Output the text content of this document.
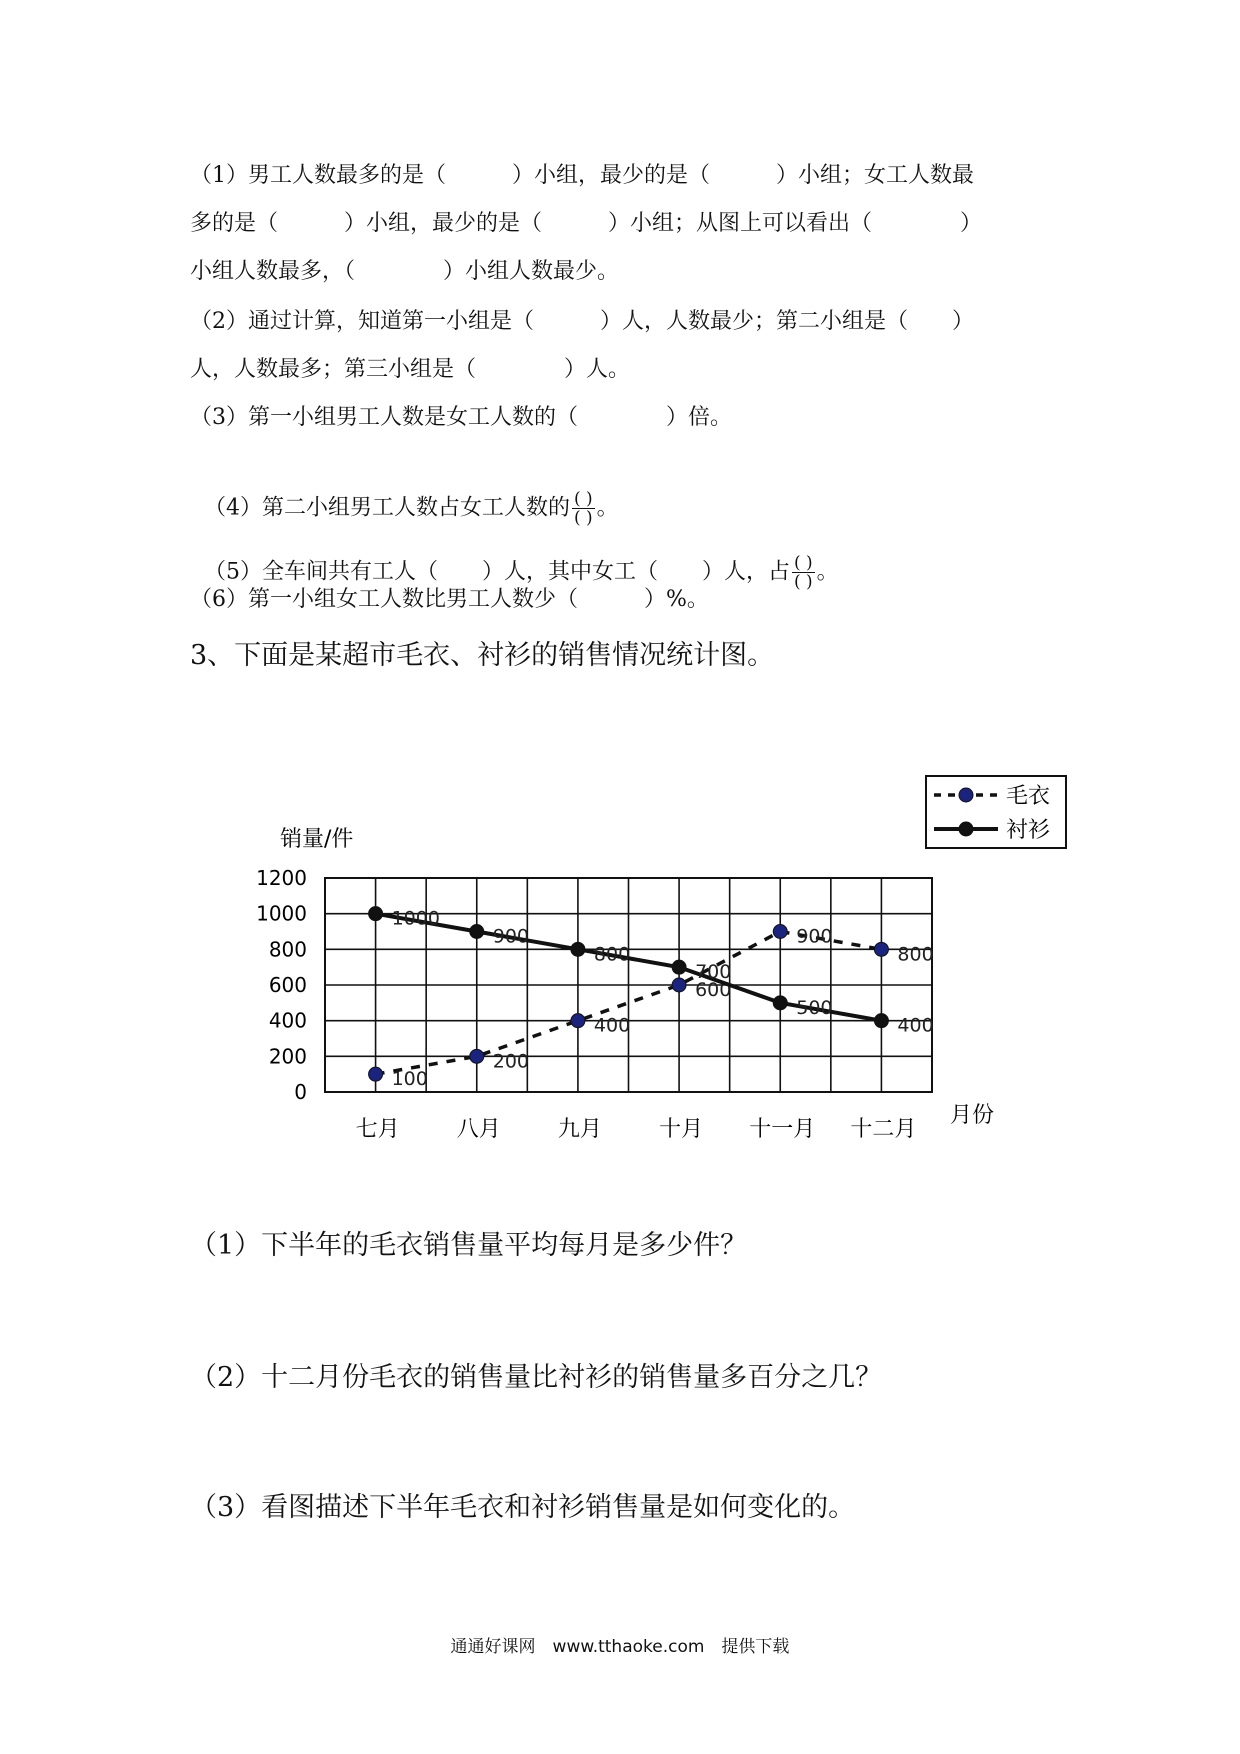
（1）男工人数最多的是（　　　）小组，最少的是（　　　）小组；女工人数最
多的是（　　　）小组，最少的是（　　　）小组；从图上可以看出（　　　　）
小组人数最多，（　　　　）小组人数最少。
（2）通过计算，知道第一小组是（　　　）人，人数最少；第二小组是（　　）
人，人数最多；第三小组是（　　　　）人。
（3）第一小组男工人数是女工人数的（　　　　）倍。

（4）第二小组男工人数占女工人数的 $\frac{( )}{( )}$ 。

（5）全车间共有工人（　　）人，其中女工（　　）人，占 $\frac{( )}{( )}$ 。

（6）第一小组女工人数比男工人数少（　　　）%。
3、下面是某超市毛衣、衬衫的销售情况统计图。
0
200
400
600
800
1000
1200
销量/件
月份
七月	八月	九月	十月 十一月 十二月
100
200
400
600
900
800
1000
900
800
700
500
400
毛衣
衬衫
（1）下半年的毛衣销售量平均每月是多少件？
（2）十二月份毛衣的销售量比衬衫的销售量多百分之几？
（3）看图描述下半年毛衣和衬衫销售量是如何变化的。
通通好课网　www.tthaoke.com　提供下载
